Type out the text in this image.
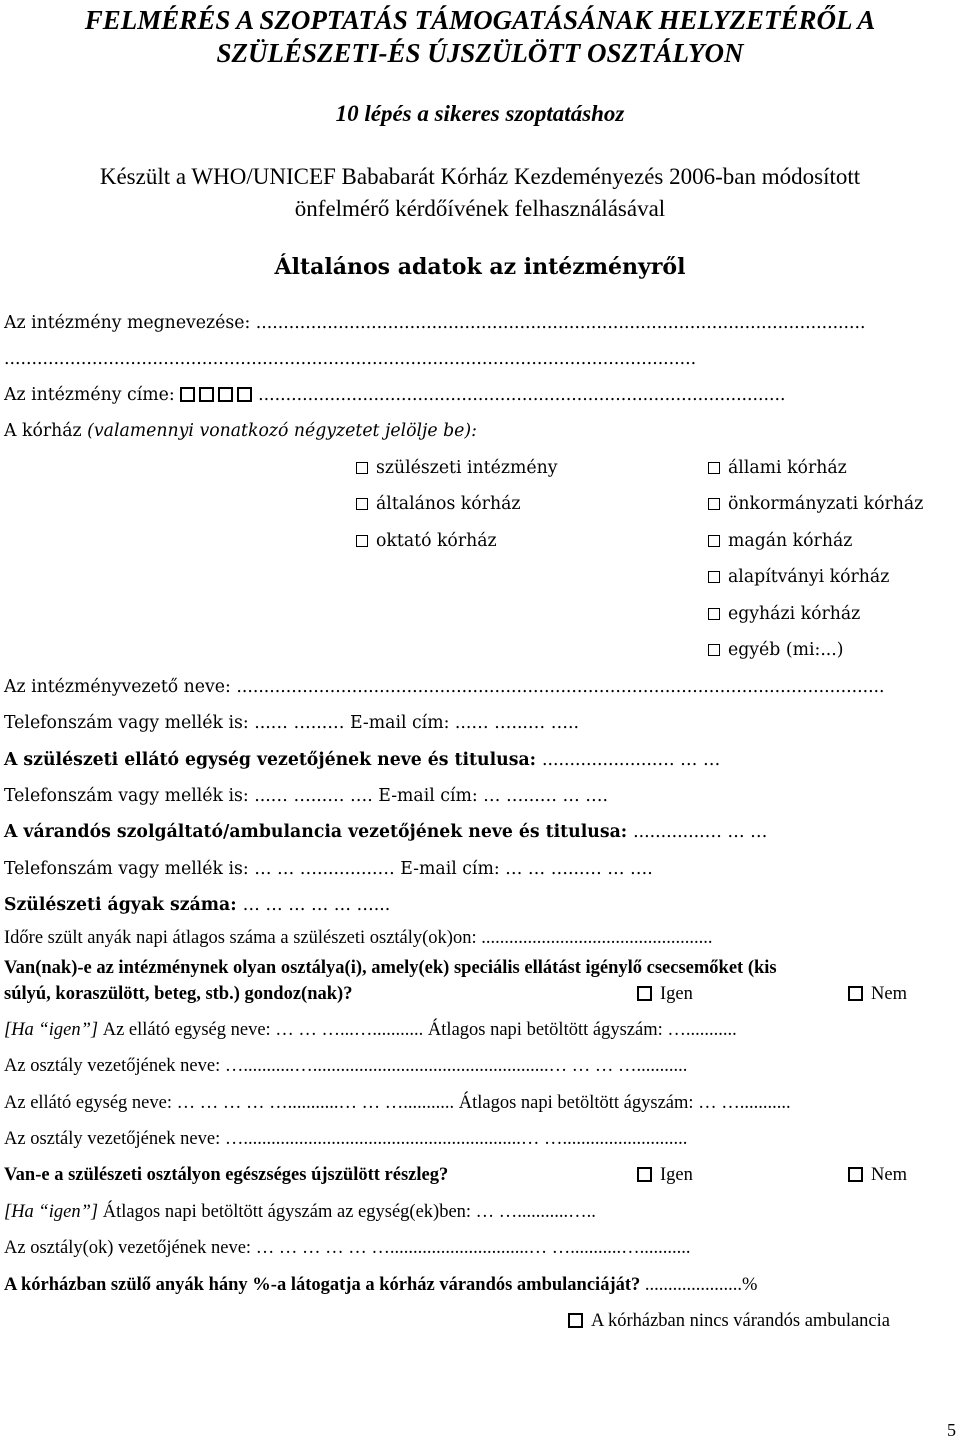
FELMÉRÉS A SZOPTATÁS TÁMOGATÁSÁNAK HELYZETÉRŐL A
SZÜLÉSZETI-ÉS ÚJSZÜLÖTT OSZTÁLYON
10 lépés a sikeres szoptatáshoz
Készült a WHO/UNICEF Bababarát Kórház Kezdeményezés 2006-ban módosított
önfelmérő kérdőívének felhasználásával
Általános adatok az intézményről
Az intézmény megnevezése: ...............................................................................................................
..............................................................................................................................
Az intézmény címe:	................................................................................................
A kórház (valamennyi vonatkozó négyzetet jelölje be):
szülészeti intézmény
általános kórház
oktató kórház
állami kórház
önkormányzati kórház
magán kórház
alapítványi kórház
egyházi kórház
egyéb (mi:...)
Az intézményvezető neve: ......................................................................................................................
Telefonszám vagy mellék is: ...… …...… E-mail cím: ...… …...… …..
A szülészeti ellátó egység vezetőjének neve és titulusa: .....................… … …
Telefonszám vagy mellék is: ...… …...… …. E-mail cím: … …...… … ….
A várandós szolgáltató/ambulancia vezetőjének neve és titulusa: .............… … …
Telefonszám vagy mellék is: … … …...........… E-mail cím: … … …...… … ….
Szülészeti ágyak száma: … … … … … …...
Időre szült anyák napi átlagos száma a szülészeti osztály(ok)on: ..................................................
Van(nak)-e az intézménynek olyan osztálya(i), amely(ek) speciális ellátást igénylő csecsemőket (kis
súlyú, koraszülött, beteg, stb.) gondoz(nak)?	Igen	Nem
[Ha “igen”] Az ellátó egység neve: … … …...…........... Átlagos napi betöltött ágyszám: …...........
Az osztály vezetőjének neve: …...........…...................................................… … … …...........
Az ellátó egység neve: … … … … …...........… … …........... Átlagos napi betöltött ágyszám: … …...........
Az osztály vezetőjének neve: …............................................................… …...........................
Van-e a szülészeti osztályon egészséges újszülött részleg?	Igen	Nem
[Ha “igen”] Átlagos napi betöltött ágyszám az egység(ek)ben: … …...........…..
Az osztály(ok) vezetőjének neve: … … … … … …..............................… …...........…...........
A kórházban szülő anyák hány %-a látogatja a kórház várandós ambulanciáját? .....................%
A kórházban nincs várandós ambulancia
5
